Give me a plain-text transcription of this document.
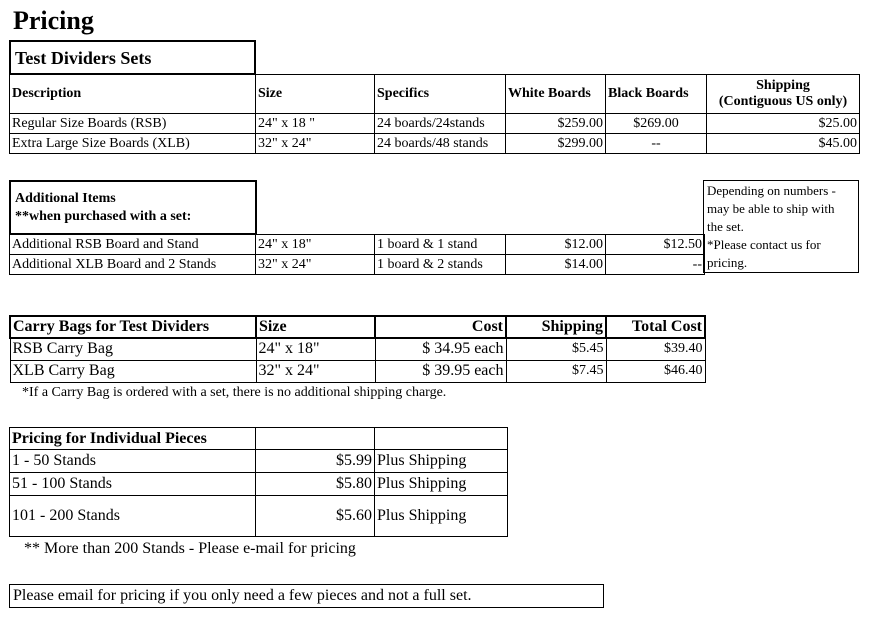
Pricing
Test Dividers Sets
Description	Size	Specifics	White Boards	Black Boards	Shipping
(Contiguous US only)

Regular Size Boards (RSB)	24" x 18 "	24 boards/24stands	$259.00	$269.00	$25.00
Extra Large Size Boards (XLB)	32" x 24"	24 boards/48 stands	$299.00	--	$45.00
Additional Items
**when purchased with a set:
Depending on numbers -
may be able to ship with
the set.
*Please contact us for
pricing.
Additional RSB Board and Stand	24" x 18"	1 board & 1 stand	$12.00	$12.50
Additional XLB Board and 2 Stands	32" x 24"	1 board & 2 stands	$14.00	--
Carry Bags for Test Dividers	Size	Cost	Shipping	Total Cost
RSB Carry Bag	24" x 18"	$ 34.95 each	$5.45	$39.40
XLB Carry Bag	32" x 24"	$ 39.95 each	$7.45	$46.40
*If a Carry Bag is ordered with a set, there is no additional shipping charge.
Pricing for Individual Pieces		
1 - 50 Stands	$5.99	Plus Shipping
51 - 100 Stands	$5.80	Plus Shipping
101 - 200 Stands	$5.60	Plus Shipping
** More than 200 Stands - Please e-mail for pricing
Please email for pricing if you only need a few pieces and not a full set.
